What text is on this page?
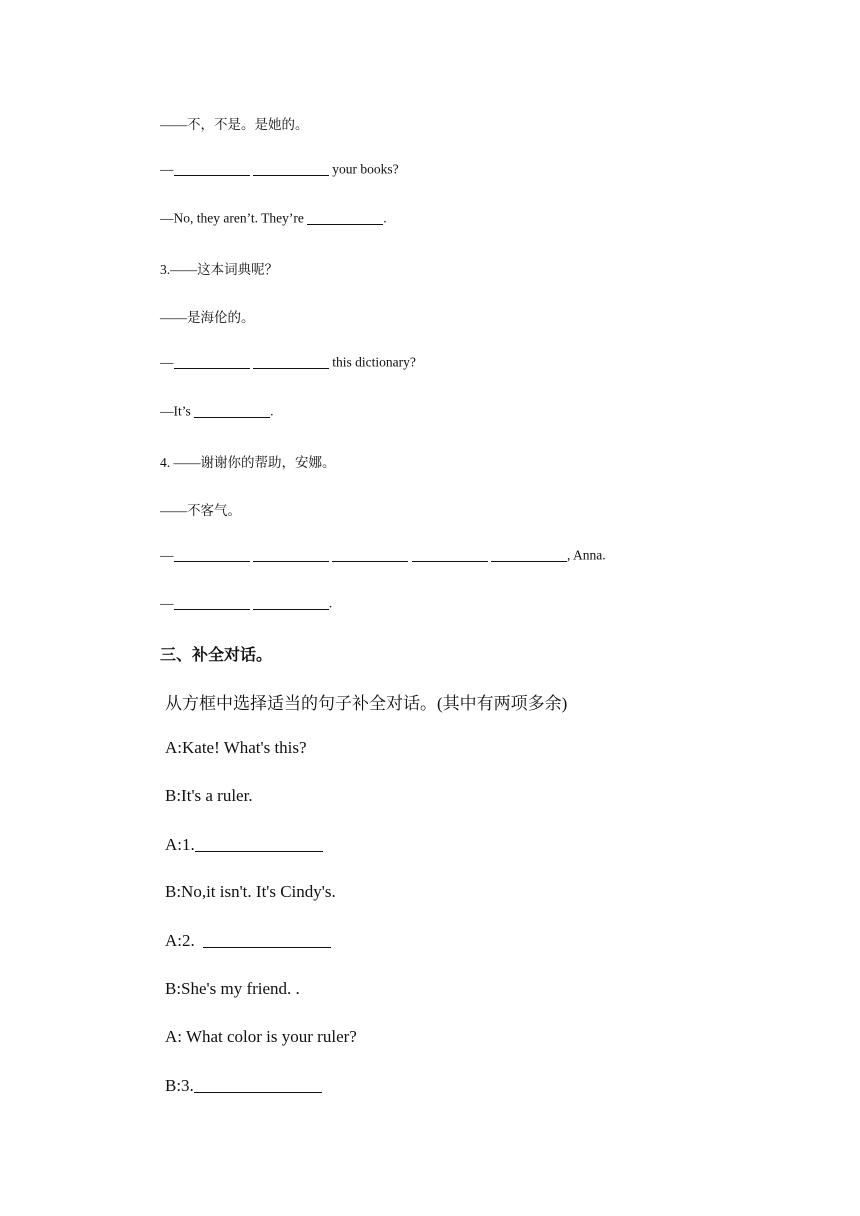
——不，不是。是她的。
—	your books?
—No, they aren’t. They’re	.
3.——这本词典呢？
——是海伦的。
—	this dictionary?
—It’s	.
4. ——谢谢你的帮助，安娜。
——不客气。
—	, Anna.
—	.
三、补全对话。
从方框中选择适当的句子补全对话。(其中有两项多余)
A:Kate! What's this?
B:It's a ruler.
A:1.
B:No,it isn't. It's Cindy's.
A:2.
B:She's my friend. .
A: What color is your ruler?
B:3.
